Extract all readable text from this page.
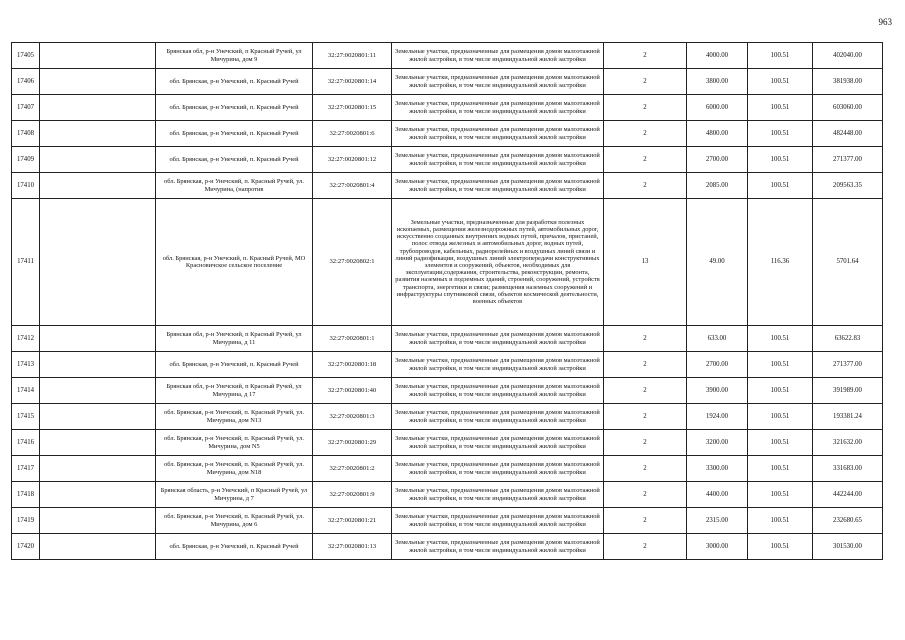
963
17405		Брянская обл, р-н Унечский, п Красный Ручей, ул Мичурина, дом 9	32:27:0020801:11	Земельные участки, предназначенные для размещения домов малоэтажной жилой застройки, в том числе индивидуальной жилой застройки	2	4000.00	100.51	402040.00
17406		обл. Брянская, р-н Унечский, п. Красный Ручей	32:27:0020801:14	Земельные участки, предназначенные для размещения домов малоэтажной жилой застройки, в том числе индивидуальной жилой застройки	2	3800.00	100.51	381938.00
17407		обл. Брянская, р-н Унечский, п. Красный Ручей	32:27:0020801:15	Земельные участки, предназначенные для размещения домов малоэтажной жилой застройки, в том числе индивидуальной жилой застройки	2	6000.00	100.51	603060.00
17408		обл. Брянская, р-н Унечский, п. Красный Ручей	32:27:0020801:6	Земельные участки, предназначенные для размещения домов малоэтажной жилой застройки, в том числе индивидуальной жилой застройки	2	4800.00	100.51	482448.00
17409		обл. Брянская, р-н Унечский, п. Красный Ручей	32:27:0020801:12	Земельные участки, предназначенные для размещения домов малоэтажной жилой застройки, в том числе индивидуальной жилой застройки	2	2700.00	100.51	271377.00
17410		обл. Брянская, р-н Унечский, п. Красный Ручей, ул. Мичурина, (напротив	32:27:0020801:4	Земельные участки, предназначенные для размещения домов малоэтажной жилой застройки, в том числе индивидуальной жилой застройки	2	2085.00	100.51	209563.35
17411		обл. Брянская, р-н Унечский, п. Красный Ручей, МО Красновичское сельское поселение	32:27:0020802:1	Земельные участки, предназначенные для разработки полезных ископаемых, размещения железнодорожных путей, автомобильных дорог, искусственно созданных внутренних водных путей, причалов, пристаней, полос отвода железных и автомобильных дорог, водных путей, трубопроводов, кабельных, радиорелейных и воздушных линий связи и линий радиофикации, воздушных линий электропередачи конструктивных элементов и сооружений, объектов, необходимых для эксплуатации,содержания, строительства, реконструкции, ремонта, развития наземных и подземных зданий, строений, сооружений, устройств транспорта, энергетики и связи; размещения наземных сооружений и инфраструктуры спутниковой связи, объектов космической деятельности, военных объектов	13	49.00	116.36	5701.64
17412		Брянская обл, р-н Унечский, п Красный Ручей, ул Мичурина, д 11	32:27:0020801:1	Земельные участки, предназначенные для размещения домов малоэтажной жилой застройки, в том числе индивидуальной жилой застройки	2	633.00	100.51	63622.83
17413		обл. Брянская, р-н Унечский, п. Красный Ручей	32:27:0020801:18	Земельные участки, предназначенные для размещения домов малоэтажной жилой застройки, в том числе индивидуальной жилой застройки	2	2700.00	100.51	271377.00
17414		Брянская обл, р-н Унечский, п Красный Ручей, ул Мичурина, д 17	32:27:0020801:40	Земельные участки, предназначенные для размещения домов малоэтажной жилой застройки, в том числе индивидуальной жилой застройки	2	3900.00	100.51	391989.00
17415		обл. Брянская, р-н Унечский, п. Красный Ручей, ул. Мичурина, дом N13	32:27:0020801:3	Земельные участки, предназначенные для размещения домов малоэтажной жилой застройки, в том числе индивидуальной жилой застройки	2	1924.00	100.51	193381.24
17416		обл. Брянская, р-н Унечский, п. Красный Ручей, ул. Мичурина, дом N5	32:27:0020801:29	Земельные участки, предназначенные для размещения домов малоэтажной жилой застройки, в том числе индивидуальной жилой застройки	2	3200.00	100.51	321632.00
17417		обл. Брянская, р-н Унечский, п. Красный Ручей, ул. Мичурина, дом N18	32:27:0020801:2	Земельные участки, предназначенные для размещения домов малоэтажной жилой застройки, в том числе индивидуальной жилой застройки	2	3300.00	100.51	331683.00
17418		Брянская область, р-н Унечский, п Красный Ручей, ул Мичурина, д 7	32:27:0020801:9	Земельные участки, предназначенные для размещения домов малоэтажной жилой застройки, в том числе индивидуальной жилой застройки	2	4400.00	100.51	442244.00
17419		обл. Брянская, р-н Унечский, п. Красный Ручей, ул. Мичурина, дом 6	32:27:0020801:21	Земельные участки, предназначенные для размещения домов малоэтажной жилой застройки, в том числе индивидуальной жилой застройки	2	2315.00	100.51	232680.65
17420		обл. Брянская, р-н Унечский, п. Красный Ручей	32:27:0020801:13	Земельные участки, предназначенные для размещения домов малоэтажной жилой застройки, в том числе индивидуальной жилой застройки	2	3000.00	100.51	301530.00
